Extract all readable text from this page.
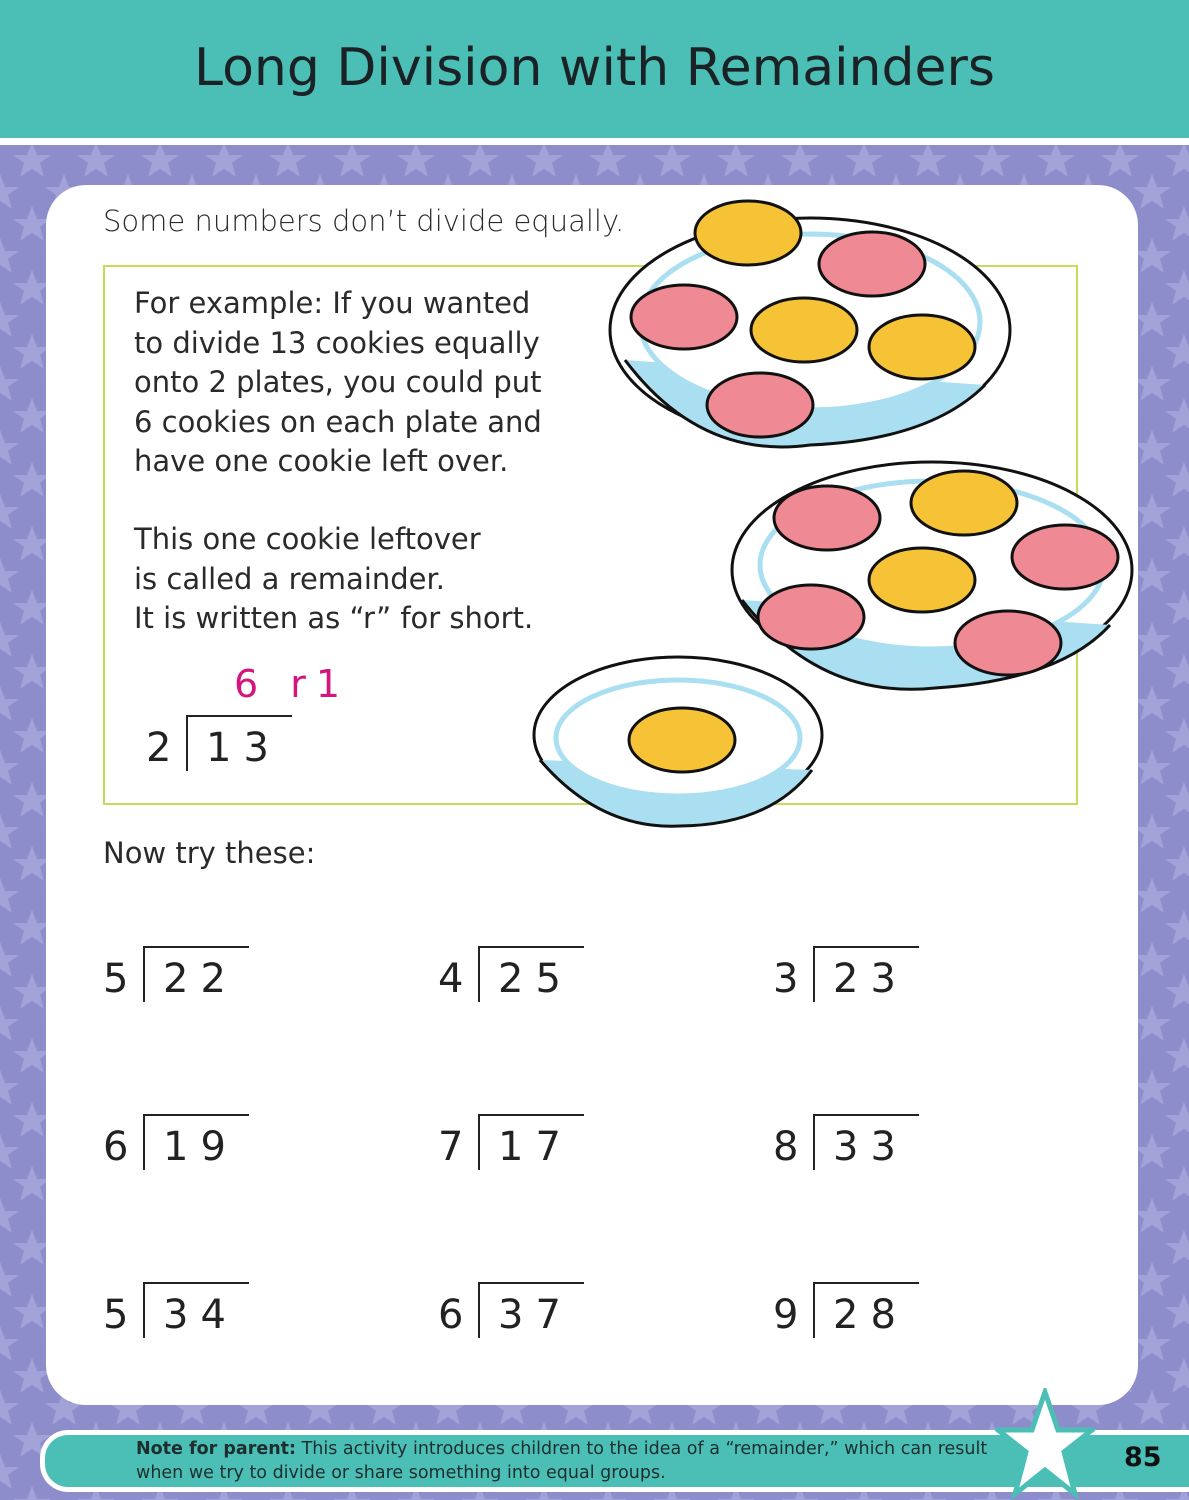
Long Division with Remainders
Some numbers don’t divide equally.
For example: If you wanted
to divide 13 cookies equally
onto 2 plates, you could put
6 cookies on each plate and
have one cookie left over.
This one cookie leftover
is called a remainder.
It is written as “r” for short.
6 r1
2 13
Now try these:
5 22	4 25	3 23
6 19	7 17	8 33
5 34	6 37	9 28
Note for parent: This activity introduces children to the idea of a “remainder,” which can result when we try to divide or share something into equal groups.	85
